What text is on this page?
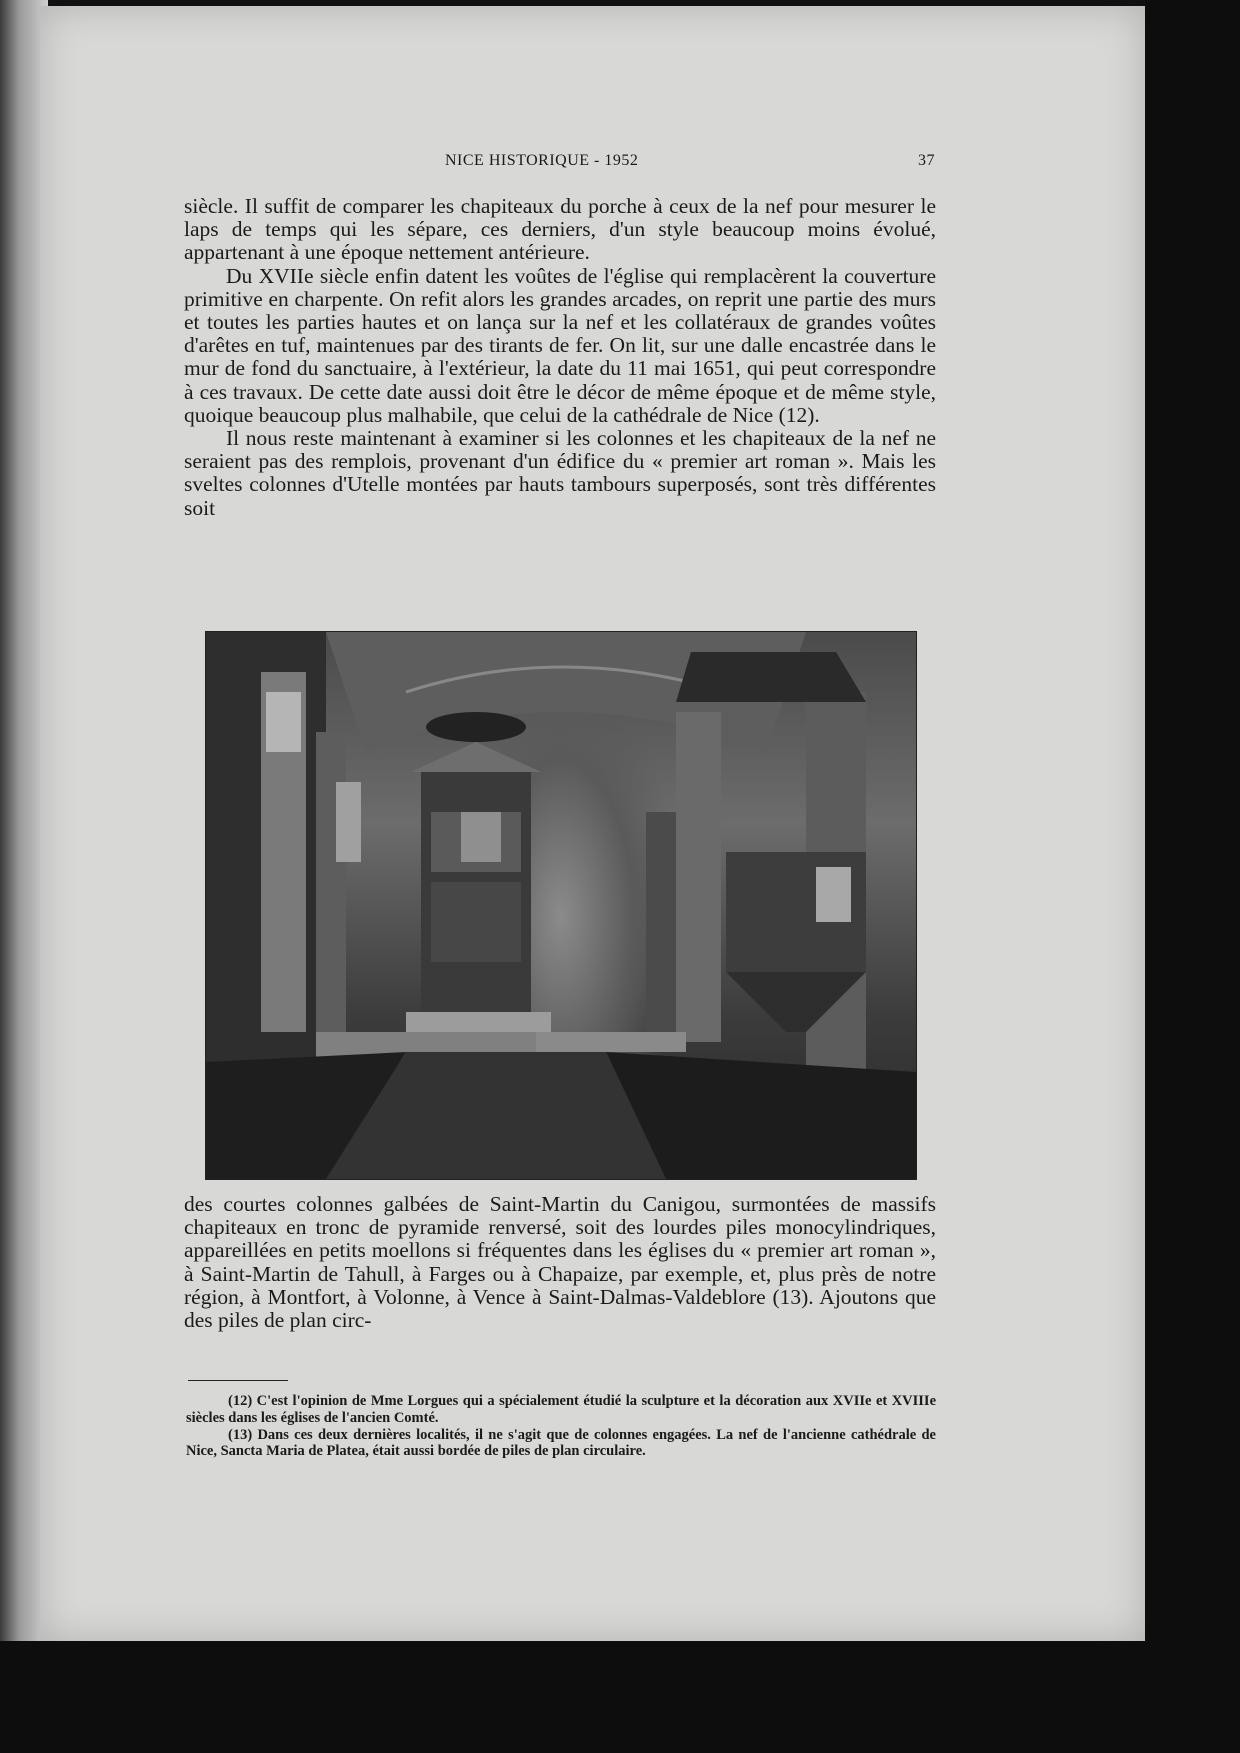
NICE HISTORIQUE - 1952	37

siècle. Il suffit de comparer les chapiteaux du porche à ceux de la nef pour mesurer le laps de temps qui les sépare, ces derniers, d'un style beaucoup moins évolué, appartenant à une époque nettement antérieure.

Du XVIIe siècle enfin datent les voûtes de l'église qui remplacèrent la couverture primitive en charpente. On refit alors les grandes arcades, on reprit une partie des murs et toutes les parties hautes et on lança sur la nef et les collatéraux de grandes voûtes d'arêtes en tuf, maintenues par des tirants de fer. On lit, sur une dalle encastrée dans le mur de fond du sanctuaire, à l'extérieur, la date du 11 mai 1651, qui peut correspondre à ces travaux. De cette date aussi doit être le décor de même époque et de même style, quoique beaucoup plus malhabile, que celui de la cathédrale de Nice (12).

Il nous reste maintenant à examiner si les colonnes et les chapiteaux de la nef ne seraient pas des remplois, provenant d'un édifice du « premier art roman ». Mais les sveltes colonnes d'Utelle montées par hauts tambours superposés, sont très différentes soit

des courtes colonnes galbées de Saint-Martin du Canigou, surmontées de massifs chapiteaux en tronc de pyramide renversé, soit des lourdes piles monocylindriques, appareillées en petits moellons si fréquentes dans les églises du « premier art roman », à Saint-Martin de Tahull, à Farges ou à Chapaize, par exemple, et, plus près de notre région, à Montfort, à Volonne, à Vence à Saint-Dalmas-Valdeblore (13). Ajoutons que des piles de plan circ-

(12) C'est l'opinion de Mme Lorgues qui a spécialement étudié la sculpture et la décoration aux XVIIe et XVIIIe siècles dans les églises de l'ancien Comté.

(13) Dans ces deux dernières localités, il ne s'agit que de colonnes engagées. La nef de l'ancienne cathédrale de Nice, Sancta Maria de Platea, était aussi bordée de piles de plan circulaire.
